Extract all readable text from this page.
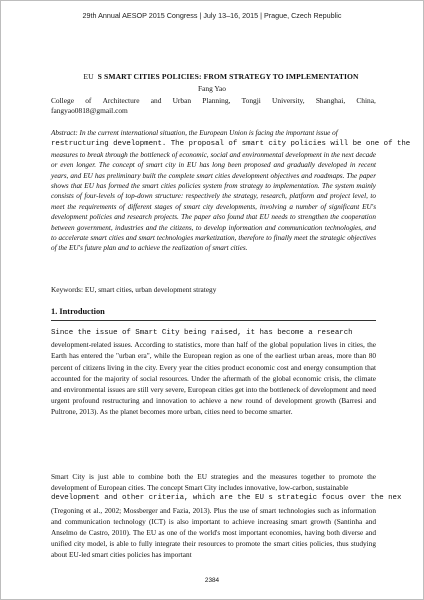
29th Annual AESOP 2015 Congress | July 13–16, 2015 | Prague, Czech Republic
EU S SMART CITIES POLICIES: FROM STRATEGY TO IMPLEMENTATION
Fang Yao
College of Architecture and Urban Planning, Tongji University, Shanghai, China,
fangyao0818@gmail.com
Abstract: In the current international situation, the European Union is facing the important issue of
restructuring development. The proposal of smart city policies will be one of the
measures to break through the bottleneck of economic, social and environmental development in the next decade or even longer. The concept of smart city in EU has long been proposed and gradually developed in recent years, and EU has preliminary built the complete smart cities development objectives and roadmaps. The paper shows that EU has formed the smart cities policies system from strategy to implementation. The system mainly consists of four-levels of top-down structure: respectively the strategy, research, platform and project level, to meet the requirements of different stages of smart city developments, involving a number of significant EU's development policies and research projects. The paper also found that EU needs to strengthen the cooperation between government, industries and the citizens, to develop information and communication technologies, and to accelerate smart cities and smart technologies marketization, therefore to finally meet the strategic objectives of the EU's future plan and to achieve the realization of smart cities.
Keywords: EU, smart cities, urban development strategy
1. Introduction
Since the issue of Smart City being raised, it has become a research
development-related issues. According to statistics, more than half of the global population lives in cities, the Earth has entered the "urban era", while the European region as one of the earliest urban areas, more than 80 percent of citizens living in the city. Every year the cities product economic cost and energy consumption that accounted for the majority of social resources. Under the aftermath of the global economic crisis, the climate and environmental issues are still very severe, European cities get into the bottleneck of development and need urgent profound restructuring and innovation to achieve a new round of development growth (Barresi and Pultrone, 2013). As the planet becomes more urban, cities need to become smarter.
Smart City is just able to combine both the EU strategies and the measures together to promote the development of European cities. The concept Smart City includes innovative, low-carbon, sustainable
development and other criteria, which are the EU s strategic focus over the nex
(Tregoning et al., 2002; Mossberger and Fazia, 2013). Plus the use of smart technologies such as information and communication technology (ICT) is also important to achieve increasing smart growth (Santinha and Anselmo de Castro, 2010). The EU as one of the world's most important economies, having both diverse and unified city model, is able to fully integrate their resources to promote the smart cities policies, thus studying about EU-led smart cities policies has important
2384
